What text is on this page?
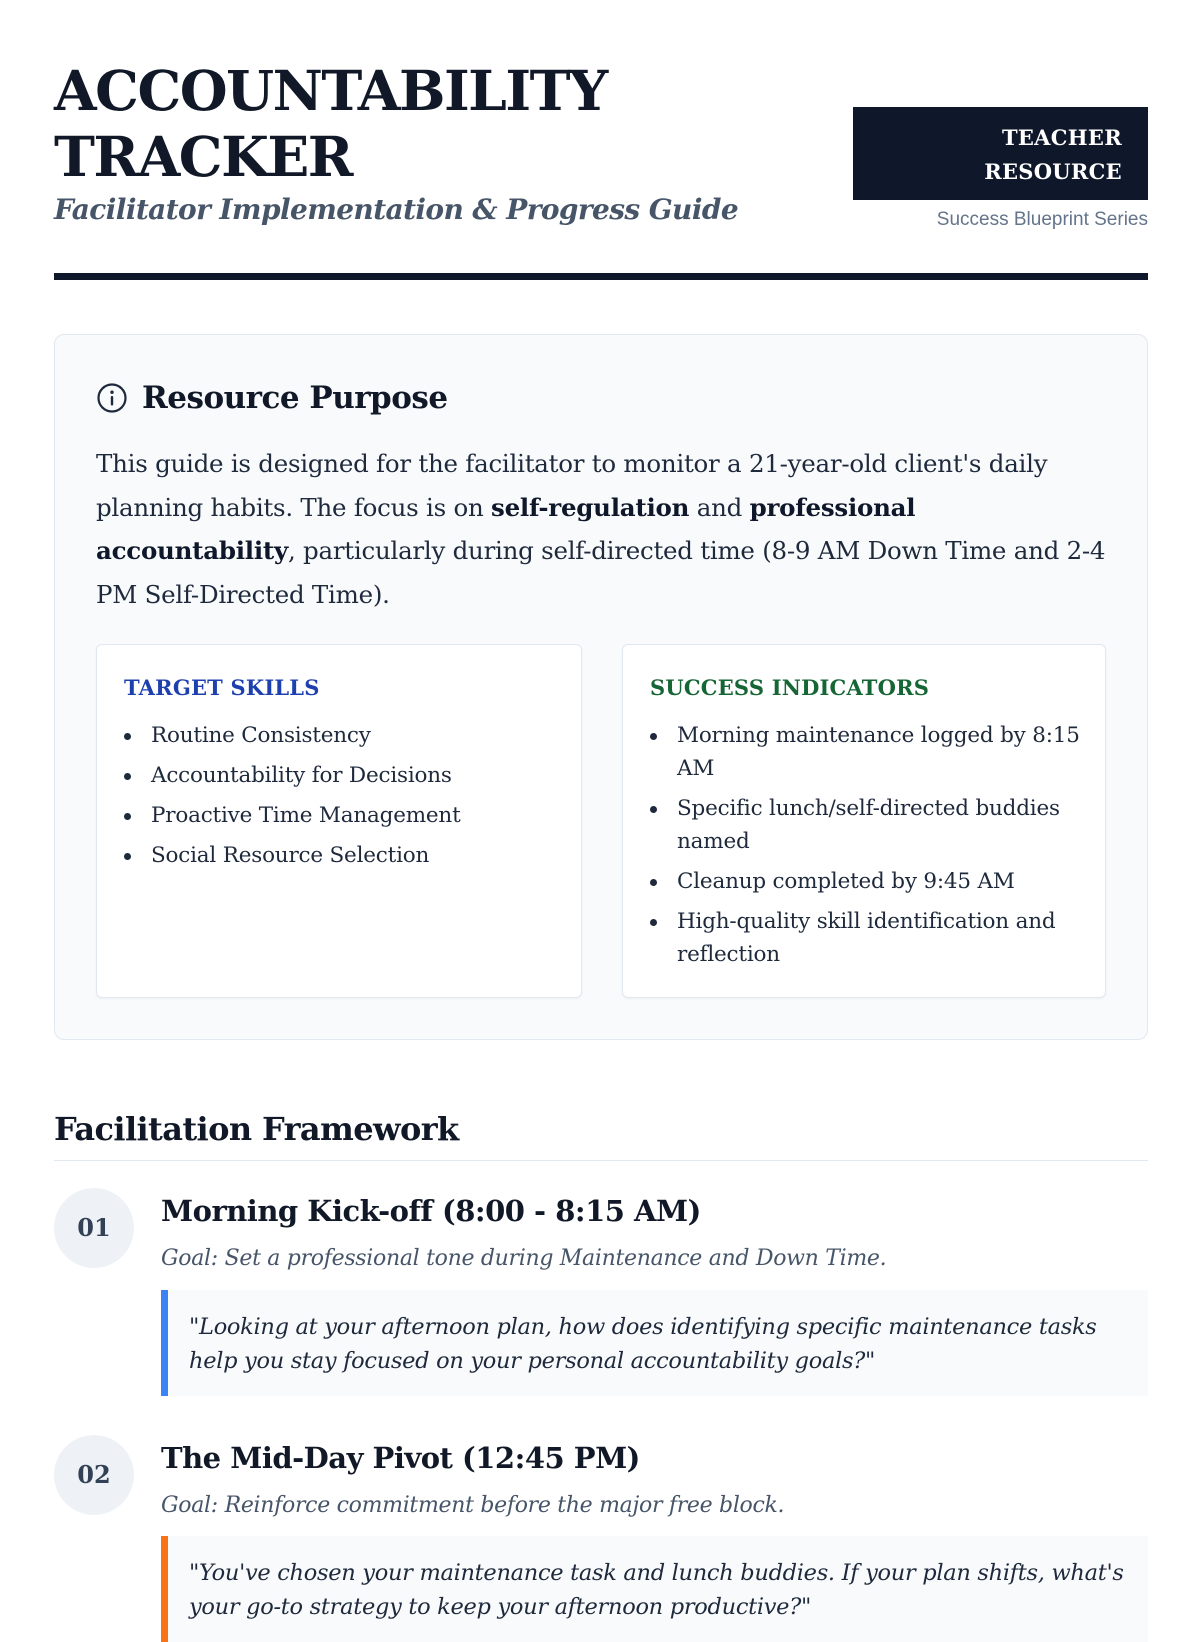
ACCOUNTABILITY
TRACKER
Facilitator Implementation & Progress Guide
TEACHER
RESOURCE
Success Blueprint Series
Resource Purpose

This guide is designed for the facilitator to monitor a 21-year-old client's daily planning habits. The focus is on self-regulation and professional accountability, particularly during self-directed time (8-9 AM Down Time and 2-4 PM Self-Directed Time).

TARGET SKILLS
Routine Consistency
Accountability for Decisions
Proactive Time Management
Social Resource Selection
SUCCESS INDICATORS
Morning maintenance logged by 8:15 AM
Specific lunch/self-directed buddies named
Cleanup completed by 9:45 AM
High-quality skill identification and reflection
Facilitation Framework
01	Morning Kick-off (8:00 - 8:15 AM)
Goal: Set a professional tone during Maintenance and Down Time.
"Looking at your afternoon plan, how does identifying specific maintenance tasks help you stay focused on your personal accountability goals?"
02	The Mid-Day Pivot (12:45 PM)
Goal: Reinforce commitment before the major free block.
"You've chosen your maintenance task and lunch buddies. If your plan shifts, what's your go-to strategy to keep your afternoon productive?"
